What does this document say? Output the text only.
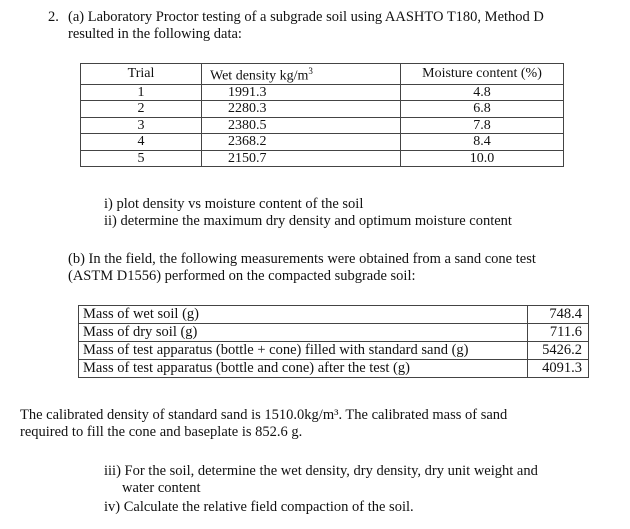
2. (a) Laboratory Proctor testing of a subgrade soil using AASHTO T180, Method D
resulted in the following data:
Trial	Wet density $kg/m^3$	Moisture content (%)
1	1991.3	4.8
2	2280.3	6.8
3	2380.5	7.8
4	2368.2	8.4
5	2150.7	10.0
i) plot density vs moisture content of the soil
ii) determine the maximum dry density and optimum moisture content
(b) In the field, the following measurements were obtained from a sand cone test
(ASTM D1556) performed on the compacted subgrade soil:
Mass of wet soil (g)	748.4
Mass of dry soil (g)	711.6
Mass of test apparatus (bottle + cone) filled with standard sand (g)	5426.2
Mass of test apparatus (bottle and cone) after the test (g)	4091.3
The calibrated density of standard sand is 1510.0kg/m³. The calibrated mass of sand
required to fill the cone and baseplate is 852.6 g.
iii) For the soil, determine the wet density, dry density, dry unit weight and
water content
iv) Calculate the relative field compaction of the soil.
